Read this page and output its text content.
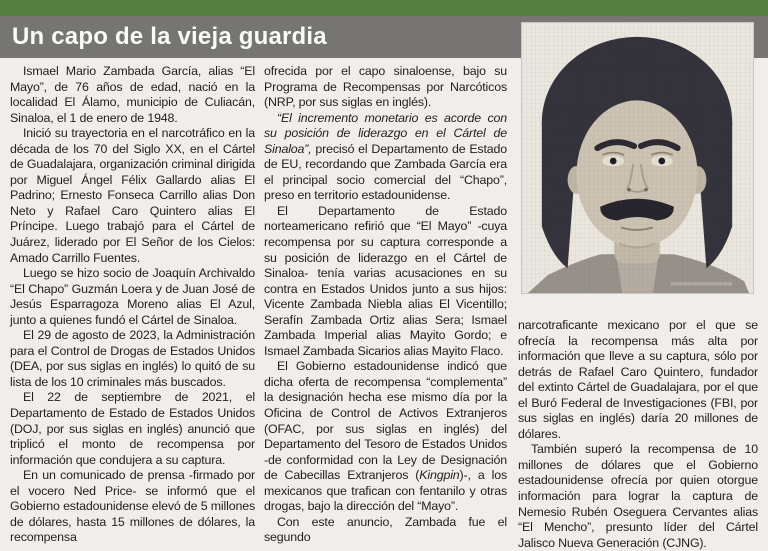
Un capo de la vieja guardia

Ismael Mario Zambada García, alias “El Mayo”, de 76 años de edad, nació en la localidad El Álamo, municipio de Culiacán, Sinaloa, el 1 de enero de 1948.

Inició su trayectoria en el narcotráfico en la década de los 70 del Siglo XX, en el Cártel de Guadalajara, organización criminal dirigida por Miguel Ángel Félix Gallardo alias El Padrino; Ernesto Fonseca Carrillo alias Don Neto y Rafael Caro Quintero alias El Príncipe. Luego trabajó para el Cártel de Juárez, liderado por El Señor de los Cielos: Amado Carrillo Fuentes.

Luego se hizo socio de Joaquín Archivaldo “El Chapo” Guzmán Loera y de Juan José de Jesús Esparragoza Moreno alias El Azul, junto a quienes fundó el Cártel de Sinaloa.

El 29 de agosto de 2023, la Administración para el Control de Drogas de Estados Unidos (DEA, por sus siglas en inglés) lo quitó de su lista de los 10 criminales más buscados.

El 22 de septiembre de 2021, el Departamento de Estado de Estados Unidos (DOJ, por sus siglas en inglés) anunció que triplicó el monto de recompensa por información que condujera a su captura.

En un comunicado de prensa -firmado por el vocero Ned Price- se informó que el Gobierno estadounidense elevó de 5 millones de dólares, hasta 15 millones de dólares, la recompensa

ofrecida por el capo sinaloense, bajo su Programa de Recompensas por Narcóticos (NRP, por sus siglas en inglés).

“El incremento monetario es acorde con su posición de liderazgo en el Cártel de Sinaloa”, precisó el Departamento de Estado de EU, recordando que Zambada García era el principal socio comercial del “Chapo”, preso en territorio estadounidense.

El Departamento de Estado norteamericano refirió que “El Mayo” -cuya recompensa por su captura corresponde a su posición de liderazgo en el Cártel de Sinaloa- tenía varias acusaciones en su contra en Estados Unidos junto a sus hijos: Vicente Zambada Niebla alias El Vicentillo; Serafín Zambada Ortiz alias Sera; Ismael Zambada Imperial alias Mayito Gordo; e Ismael Zambada Sicarios alias Mayito Flaco.

El Gobierno estadounidense indicó que dicha oferta de recompensa “complementa” la designación hecha ese mismo día por la Oficina de Control de Activos Extranjeros (OFAC, por sus siglas en inglés) del Departamento del Tesoro de Estados Unidos -de conformidad con la Ley de Designación de Cabecillas Extranjeros (Kingpin)-, a los mexicanos que trafican con fentanilo y otras drogas, bajo la dirección del “Mayo”.

Con este anuncio, Zambada fue el segundo

narcotraficante mexicano por el que se ofrecía la recompensa más alta por información que lleve a su captura, sólo por detrás de Rafael Caro Quintero, fundador del extinto Cártel de Guadalajara, por el que el Buró Federal de Investigaciones (FBI, por sus siglas en inglés) daría 20 millones de dólares.

También superó la recompensa de 10 millones de dólares que el Gobierno estadounidense ofrecía por quien otorgue información para lograr la captura de Nemesio Rubén Oseguera Cervantes alias “El Mencho”, presunto líder del Cártel Jalisco Nueva Generación (CJNG).
